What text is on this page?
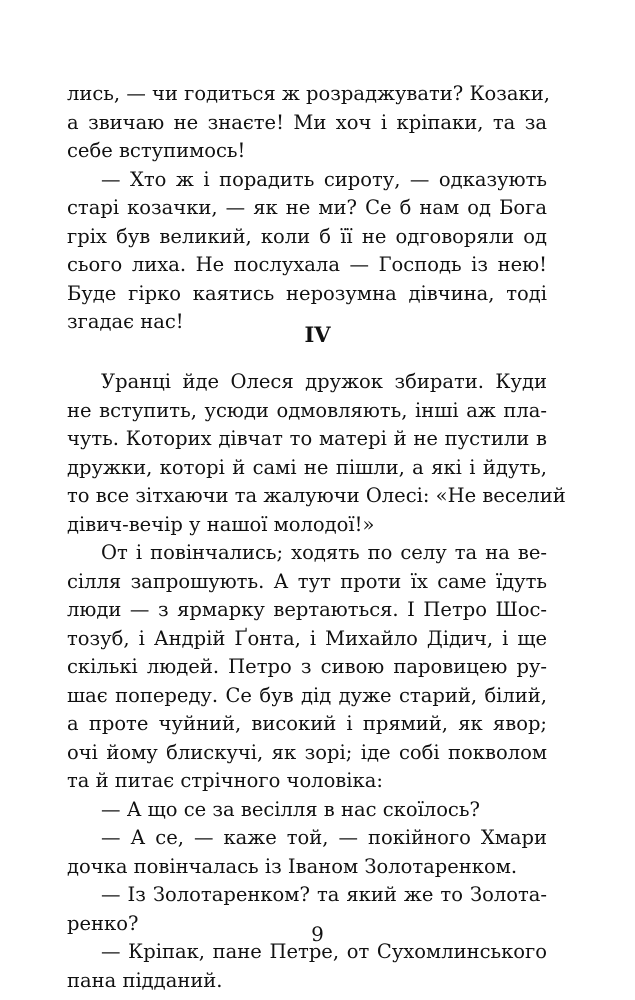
лись, — чи годиться ж розраджувати? Козаки,
а звичаю не знаєте! Ми хоч і кріпаки, та за
себе вступимось!
— Хто ж і порадить сироту, — одказують
старі козачки, — як не ми? Се б нам од Бога
гріх був великий, коли б її не одговоряли од
сього лиха. Не послухала — Господь із нею!
Буде гірко каятись нерозумна дівчина, тоді
згадає нас!
IV
Уранці йде Олеся дружок збирати. Куди
не вступить, усюди одмовляють, інші аж пла-
чуть. Которих дівчат то матері й не пустили в
дружки, которі й самі не пішли, а які і йдуть,
то все зітхаючи та жалуючи Олесі: «Не веселий
дівич-вечір у нашої молодої!»
От і повінчались; ходять по селу та на ве-
сілля запрошують. А тут проти їх саме їдуть
люди — з ярмарку вертаються. І Петро Шос-
тозуб, і Андрій Ґонта, і Михайло Дідич, і ще
скількі людей. Петро з сивою паровицею ру-
шає попереду. Се був дід дуже старий, білий,
а проте чуйний, високий і прямий, як явор;
очі йому блискучі, як зорі; іде собі покволом
та й питає стрічного чоловіка:
— А що се за весілля в нас скоїлось?
— А се, — каже той, — покійного Хмари
дочка повінчалась із Іваном Золотаренком.
— Із Золотаренком? та який же то Золота-
ренко?
— Кріпак, пане Петре, от Сухомлинського
пана підданий.
9
